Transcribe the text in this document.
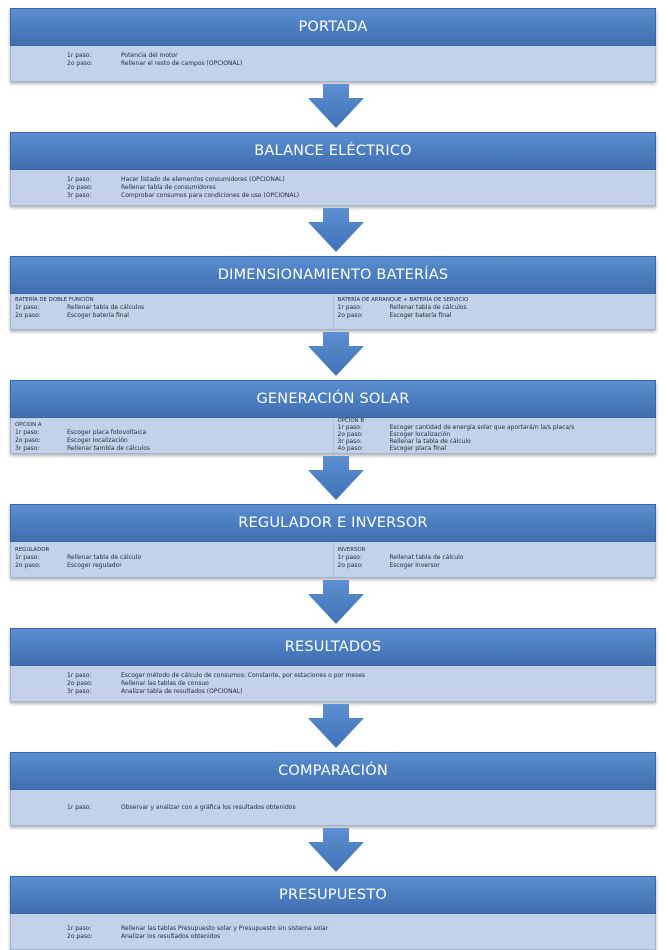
PORTADA
1r paso:	Potencia del motor
2o paso:	Rellenar el resto de campos (OPCIONAL)
BALANCE ELÉCTRICO
1r paso:	Hacer listado de elementos consumidores (OPCIONAL)
2o paso:	Rellenar tabla de consumidores
3r paso:	Comprobar consumos para condiciones de uso (OPCIONAL)
DIMENSIONAMIENTO BATERÍAS
BATERÍA DE DOBLE FUNCIÓN
1r paso:	Rellenar tabla de cálculos
2o paso:	Escoger batería final
BATERÍA DE ARRANQUE + BATERÍA DE SERVICIO
1r paso:	Rellenar tabla de cálculos
2o paso:	Escoger batería final
GENERACIÓN SOLAR
OPCION A
1r paso:	Escoger placa fotovoltaica
2o paso:	Escoger localización
3r paso:	Rellenar tambla de cálculos
OPCION B
1r paso:	Escoger cantidad de energía solar que aportará/n la/s placa/s
2o paso:	Escoger localización
3r paso:	Rellenar la tabla de cálculo
4o paso:	Escoger placa final
REGULADOR E INVERSOR
REGULADOR
1r paso:	Rellenar tabla de cálculo
2o paso:	Escoger regulador
INVERSOR
1r paso:	Rellenat tabla de cálculo
2o paso:	Escoger inversor
RESULTADOS
1r paso:	Escoger método de cálculo de consumos: Constante, por estaciones o por meses
2o paso:	Rellenar las tablas de consuo
3r paso:	Analizar tabla de resultados (OPCIONAL)
COMPARACIÓN
1r paso:	Observar y analizar con a gráfica los resultados obtenidos
PRESUPUESTO
1r paso:	Rellenar las tablas Presupuesto solar y Presupuesto sin sistema solar
2o paso:	Analizar los resultados obtenidos
